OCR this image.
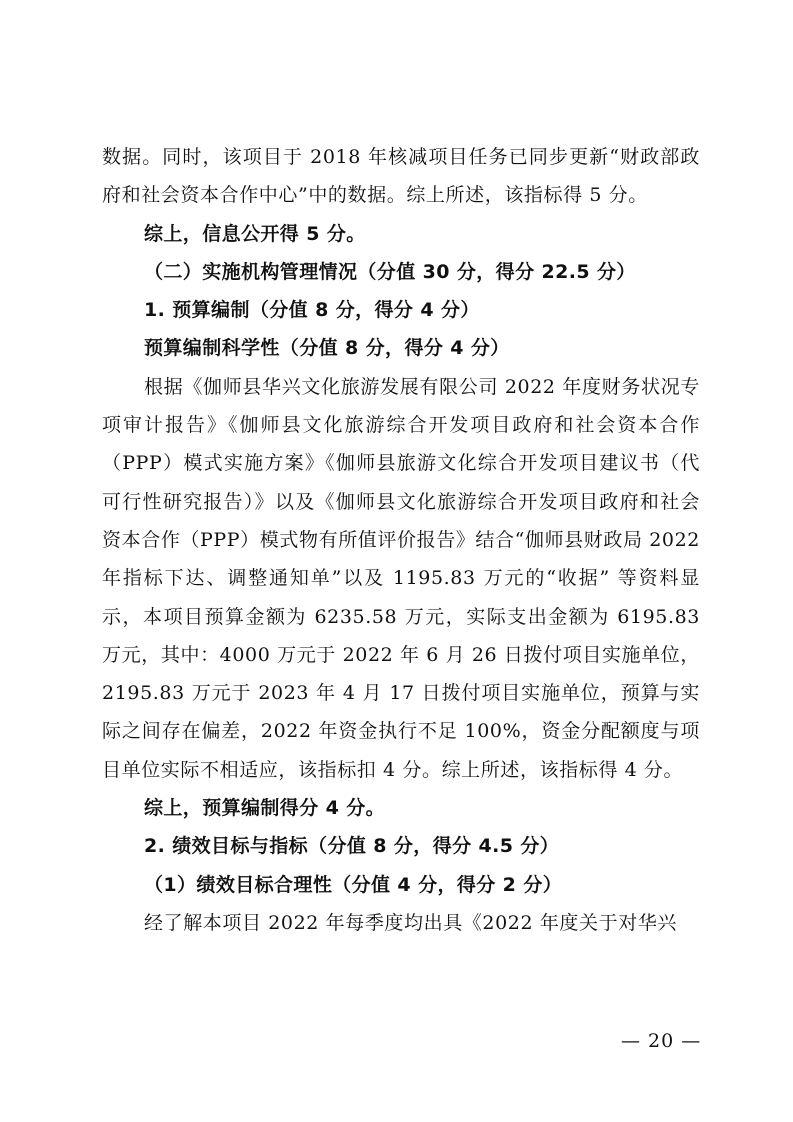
数据。同时，该项目于 2018 年核减项目任务已同步更新“财政部政府和社会资本合作中心”中的数据。综上所述，该指标得 5 分。

综上，信息公开得 5 分。

（二）实施机构管理情况（分值 30 分，得分 22.5 分）

1. 预算编制（分值 8 分，得分 4 分）

预算编制科学性（分值 8 分，得分 4 分）

根据《伽师县华兴文化旅游发展有限公司 2022 年度财务状况专项审计报告》《伽师县文化旅游综合开发项目政府和社会资本合作（PPP）模式实施方案》《伽师县旅游文化综合开发项目建议书（代可行性研究报告）》以及《伽师县文化旅游综合开发项目政府和社会资本合作（PPP）模式物有所值评价报告》结合“伽师县财政局 2022 年指标下达、调整通知单”以及 1195.83 万元的“收据” 等资料显示，本项目预算金额为 6235.58 万元，实际支出金额为 6195.83 万元，其中：4000 万元于 2022 年 6 月 26 日拨付项目实施单位，2195.83 万元于 2023 年 4 月 17 日拨付项目实施单位，预算与实际之间存在偏差，2022 年资金执行不足 100%，资金分配额度与项目单位实际不相适应，该指标扣 4 分。综上所述，该指标得 4 分。

综上，预算编制得分 4 分。

2. 绩效目标与指标（分值 8 分，得分 4.5 分）

（1）绩效目标合理性（分值 4 分，得分 2 分）

经了解本项目 2022 年每季度均出具《2022 年度关于对华兴

— 20 —
